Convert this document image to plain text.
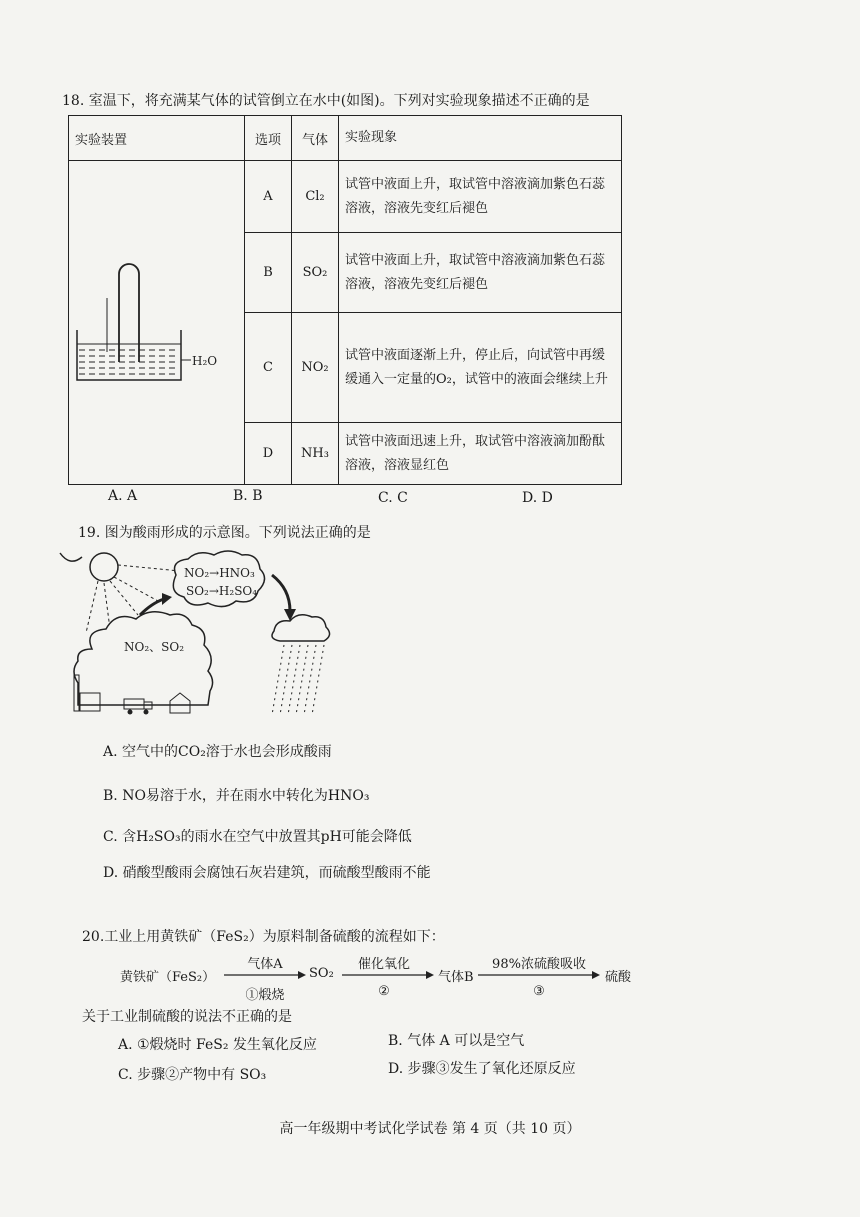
18. 室温下，将充满某气体的试管倒立在水中(如图)。下列对实验现象描述不正确的是
实验装置	选项	气体	实验现象

H₂O	A	Cl₂	试管中液面上升，取试管中溶液滴加紫色石蕊溶液，溶液先变红后褪色
	B	SO₂	试管中液面上升，取试管中溶液滴加紫色石蕊溶液，溶液先变红后褪色
	C	NO₂	试管中液面逐渐上升，停止后，向试管中再缓缓通入一定量的O₂，试管中的液面会继续上升
	D	NH₃	试管中液面迅速上升，取试管中溶液滴加酚酞溶液，溶液显红色
A. A	B. B	C. C	D. D
19. 图为酸雨形成的示意图。下列说法正确的是
NO₂→HNO₃
SO₂→H₂SO₄
NO₂、SO₂
A. 空气中的CO₂溶于水也会形成酸雨
B. NO易溶于水，并在雨水中转化为HNO₃
C. 含H₂SO₃的雨水在空气中放置其pH可能会降低
D. 硝酸型酸雨会腐蚀石灰岩建筑，而硫酸型酸雨不能
20.工业上用黄铁矿（FeS₂）为原料制备硫酸的流程如下：
黄铁矿（FeS₂）
气体A
①煅烧
SO₂
催化氧化
②
气体B
98%浓硫酸吸收
③
硫酸
关于工业制硫酸的说法不正确的是
A. ①煅烧时 FeS₂ 发生氧化反应	B. 气体 A 可以是空气
C. 步骤②产物中有 SO₃	D. 步骤③发生了氧化还原反应
高一年级期中考试化学试卷 第 4 页（共 10 页）
